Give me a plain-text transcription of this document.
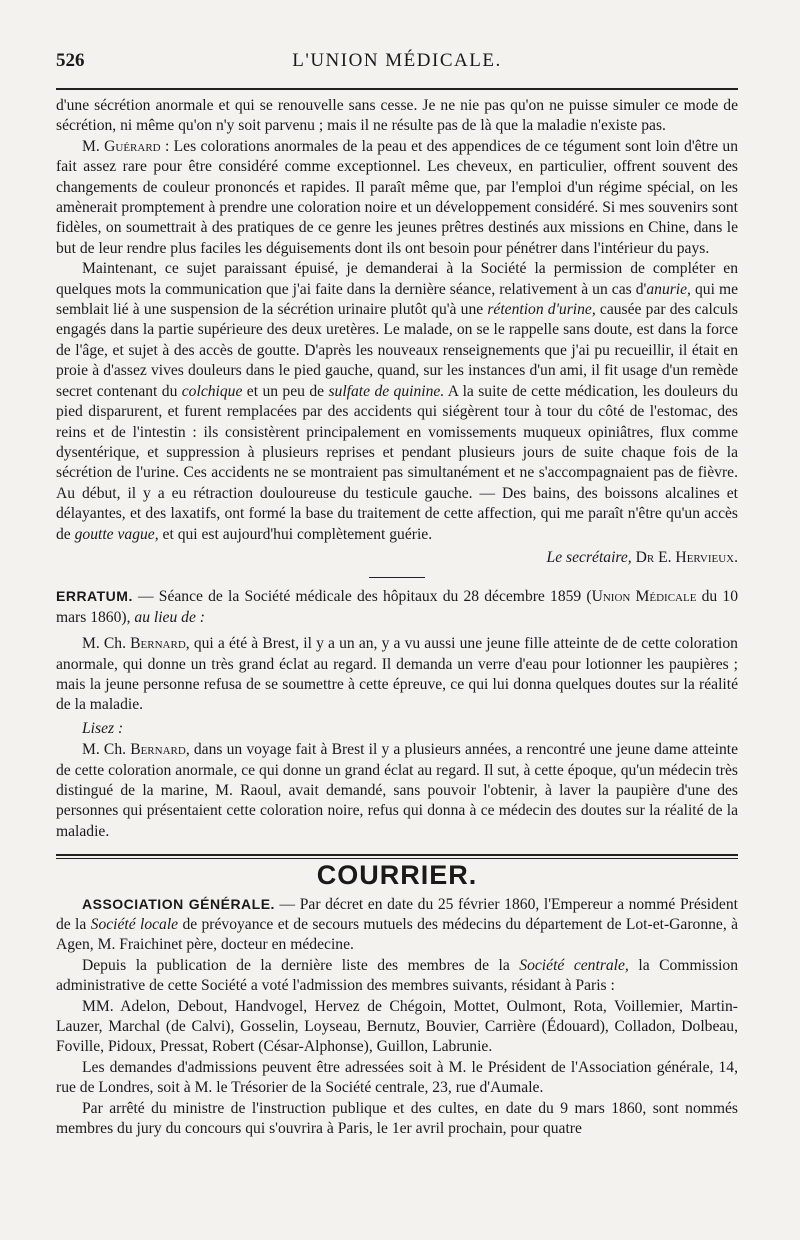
526	L'UNION MÉDICALE.

d'une sécrétion anormale et qui se renouvelle sans cesse. Je ne nie pas qu'on ne puisse simuler ce mode de sécrétion, ni même qu'on n'y soit parvenu ; mais il ne résulte pas de là que la maladie n'existe pas.

M. Guérard : Les colorations anormales de la peau et des appendices de ce tégument sont loin d'être un fait assez rare pour être considéré comme exceptionnel. Les cheveux, en particulier, offrent souvent des changements de couleur prononcés et rapides. Il paraît même que, par l'emploi d'un régime spécial, on les amènerait promptement à prendre une coloration noire et un développement considéré. Si mes souvenirs sont fidèles, on soumettrait à des pratiques de ce genre les jeunes prêtres destinés aux missions en Chine, dans le but de leur rendre plus faciles les déguisements dont ils ont besoin pour pénétrer dans l'intérieur du pays.

Maintenant, ce sujet paraissant épuisé, je demanderai à la Société la permission de compléter en quelques mots la communication que j'ai faite dans la dernière séance, relativement à un cas d'anurie, qui me semblait lié à une suspension de la sécrétion urinaire plutôt qu'à une rétention d'urine, causée par des calculs engagés dans la partie supérieure des deux uretères. Le malade, on se le rappelle sans doute, est dans la force de l'âge, et sujet à des accès de goutte. D'après les nouveaux renseignements que j'ai pu recueillir, il était en proie à d'assez vives douleurs dans le pied gauche, quand, sur les instances d'un ami, il fit usage d'un remède secret contenant du colchique et un peu de sulfate de quinine. A la suite de cette médication, les douleurs du pied disparurent, et furent remplacées par des accidents qui siégèrent tour à tour du côté de l'estomac, des reins et de l'intestin : ils consistèrent principalement en vomissements muqueux opiniâtres, flux comme dysentérique, et suppression à plusieurs reprises et pendant plusieurs jours de suite chaque fois de la sécrétion de l'urine. Ces accidents ne se montraient pas simultanément et ne s'accompagnaient pas de fièvre. Au début, il y a eu rétraction douloureuse du testicule gauche. — Des bains, des boissons alcalines et délayantes, et des laxatifs, ont formé la base du traitement de cette affection, qui me paraît n'être qu'un accès de goutte vague, et qui est aujourd'hui complètement guérie.

Le secrétaire, Dr E. Hervieux.

ERRATUM. — Séance de la Société médicale des hôpitaux du 28 décembre 1859 (Union Médicale du 10 mars 1860), au lieu de :

M. Ch. Bernard, qui a été à Brest, il y a un an, y a vu aussi une jeune fille atteinte de de cette coloration anormale, qui donne un très grand éclat au regard. Il demanda un verre d'eau pour lotionner les paupières ; mais la jeune personne refusa de se soumettre à cette épreuve, ce qui lui donna quelques doutes sur la réalité de la maladie.

Lisez :

M. Ch. Bernard, dans un voyage fait à Brest il y a plusieurs années, a rencontré une jeune dame atteinte de cette coloration anormale, ce qui donne un grand éclat au regard. Il sut, à cette époque, qu'un médecin très distingué de la marine, M. Raoul, avait demandé, sans pouvoir l'obtenir, à laver la paupière d'une des personnes qui présentaient cette coloration noire, refus qui donna à ce médecin des doutes sur la réalité de la maladie.

COURRIER.

ASSOCIATION GÉNÉRALE. — Par décret en date du 25 février 1860, l'Empereur a nommé Président de la Société locale de prévoyance et de secours mutuels des médecins du département de Lot-et-Garonne, à Agen, M. Fraichinet père, docteur en médecine.

Depuis la publication de la dernière liste des membres de la Société centrale, la Commission administrative de cette Société a voté l'admission des membres suivants, résidant à Paris :

MM. Adelon, Debout, Handvogel, Hervez de Chégoin, Mottet, Oulmont, Rota, Voillemier, Martin-Lauzer, Marchal (de Calvi), Gosselin, Loyseau, Bernutz, Bouvier, Carrière (Édouard), Colladon, Dolbeau, Foville, Pidoux, Pressat, Robert (César-Alphonse), Guillon, Labrunie.

Les demandes d'admissions peuvent être adressées soit à M. le Président de l'Association générale, 14, rue de Londres, soit à M. le Trésorier de la Société centrale, 23, rue d'Aumale.

Par arrêté du ministre de l'instruction publique et des cultes, en date du 9 mars 1860, sont nommés membres du jury du concours qui s'ouvrira à Paris, le 1er avril prochain, pour quatre
